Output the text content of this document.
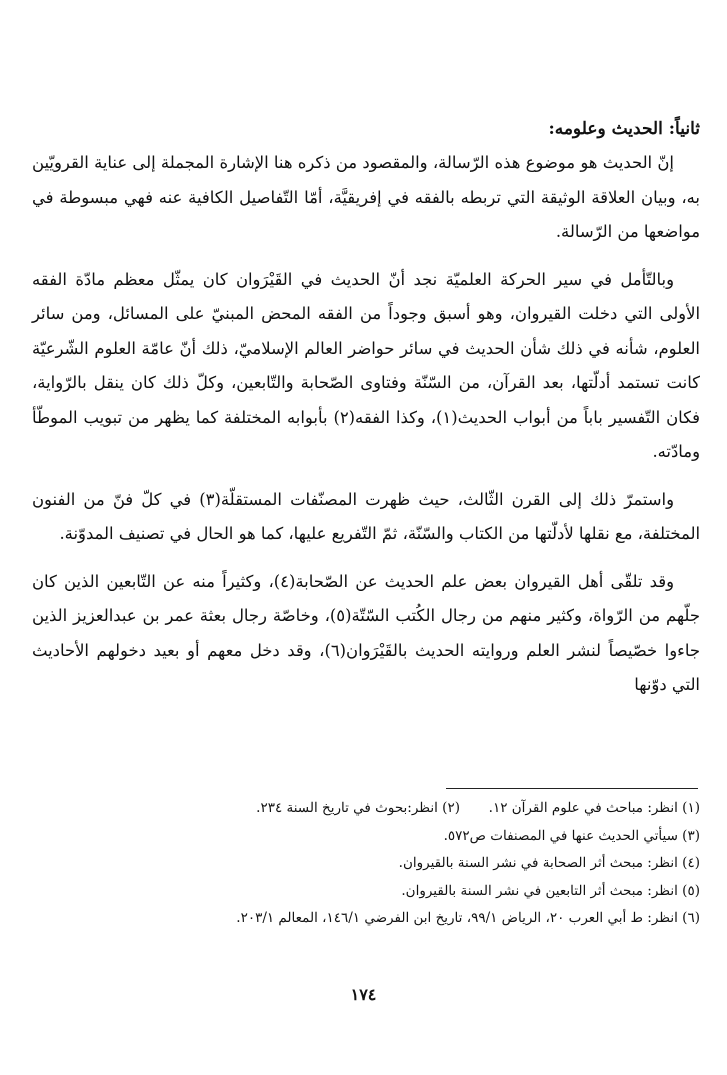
ثانياً: الحديث وعلومه:

إنّ الحديث هو موضوع هذه الرّسالة، والمقصود من ذكره هنا الإشارة المجملة إلى عناية القرويّين به، وبيان العلاقة الوثيقة التي تربطه بالفقه في إفريقيَّة، أمّا التّفاصيل الكافية عنه فهي مبسوطة في مواضعها من الرّسالة.

وبالتّأمل في سير الحركة العلميّة نجد أنّ الحديث في القَيْرَوان كان يمثّل معظم مادّة الفقه الأولى التي دخلت القيروان، وهو أسبق وجوداً من الفقه المحض المبنيّ على المسائل، ومن سائر العلوم، شأنه في ذلك شأن الحديث في سائر حواضر العالم الإسلاميّ، ذلك أنّ عامّة العلوم الشّرعيّة كانت تستمد أدلّتها، بعد القرآن، من السّنّة وفتاوى الصّحابة والتّابعين، وكلّ ذلك كان ينقل بالرّواية، فكان التّفسير باباً من أبواب الحديث(١)، وكذا الفقه(٢) بأبوابه المختلفة كما يظهر من تبويب الموطّأ ومادّته.

واستمرّ ذلك إلى القرن الثّالث، حيث ظهرت المصنّفات المستقلّة(٣) في كلّ فنّ من الفنون المختلفة، مع نقلها لأدلّتها من الكتاب والسّنّة، ثمّ التّفريع عليها، كما هو الحال في تصنيف المدوّنة.

وقد تلقّى أهل القيروان بعض علم الحديث عن الصّحابة(٤)، وكثيراً منه عن التّابعين الذين كان جلّهم من الرّواة، وكثير منهم من رجال الكُتب السّتّة(٥)، وخاصّة رجال بعثة عمر بن عبدالعزيز الذين جاءوا خصّيصاً لنشر العلم وروايته الحديث بالقَيْرَوان(٦)، وقد دخل معهم أو بعيد دخولهم الأحاديث التي دوّنها

(١) انظر: مباحث في علوم القرآن ١٢.
(٢) انظر:بحوث في تاريخ السنة ٢٣٤.

(٣) سيأتي الحديث عنها في المصنفات ص٥٧٢.

(٤) انظر: مبحث أثر الصحابة في نشر السنة بالقيروان.

(٥) انظر: مبحث أثر التابعين في نشر السنة بالقيروان.

(٦) انظر: ط أبي العرب ٢٠، الرياض ٩٩/١، تاريخ ابن الفرضي ١٤٦/١، المعالم ٢٠٣/١.

١٧٤
